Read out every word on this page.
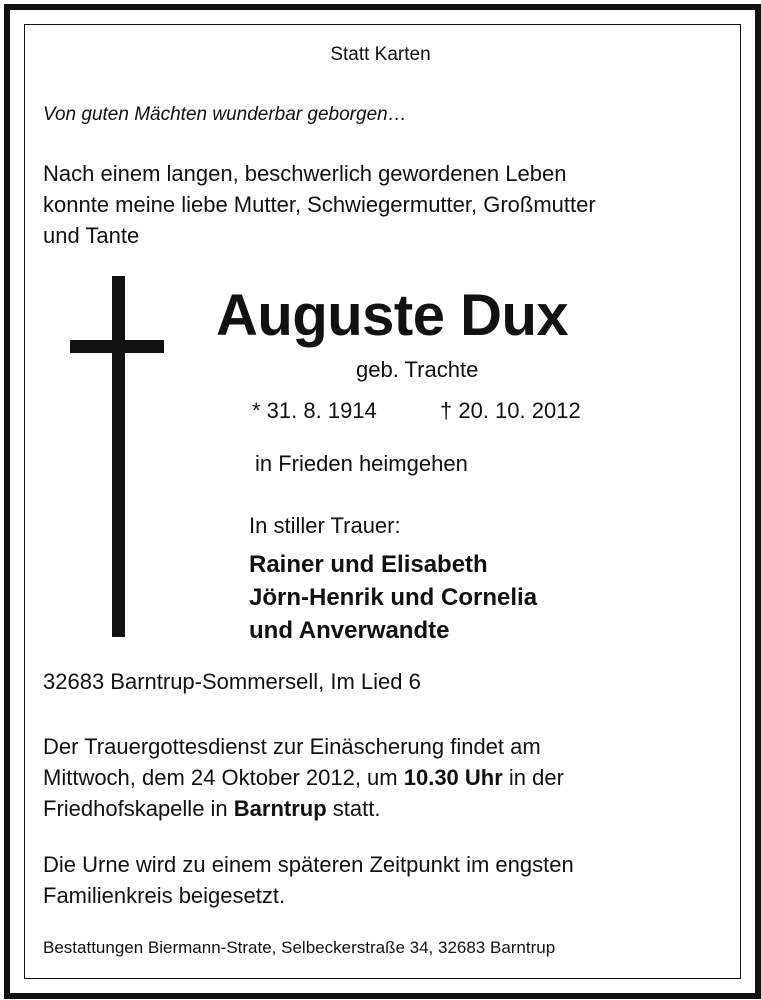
Statt Karten
Von guten Mächten wunderbar geborgen…
Nach einem langen, beschwerlich gewordenen Leben
konnte meine liebe Mutter, Schwiegermutter, Großmutter
und Tante
Auguste Dux
geb. Trachte
* 31. 8. 1914	† 20. 10. 2012
in Frieden heimgehen
In stiller Trauer:
Rainer und Elisabeth
Jörn-Henrik und Cornelia
und Anverwandte
32683 Barntrup-Sommersell, Im Lied 6
Der Trauergottesdienst zur Einäscherung findet am
Mittwoch, dem 24 Oktober 2012, um 10.30 Uhr in der
Friedhofskapelle in Barntrup statt.
Die Urne wird zu einem späteren Zeitpunkt im engsten
Familienkreis beigesetzt.
Bestattungen Biermann-Strate, Selbeckerstraße 34, 32683 Barntrup
